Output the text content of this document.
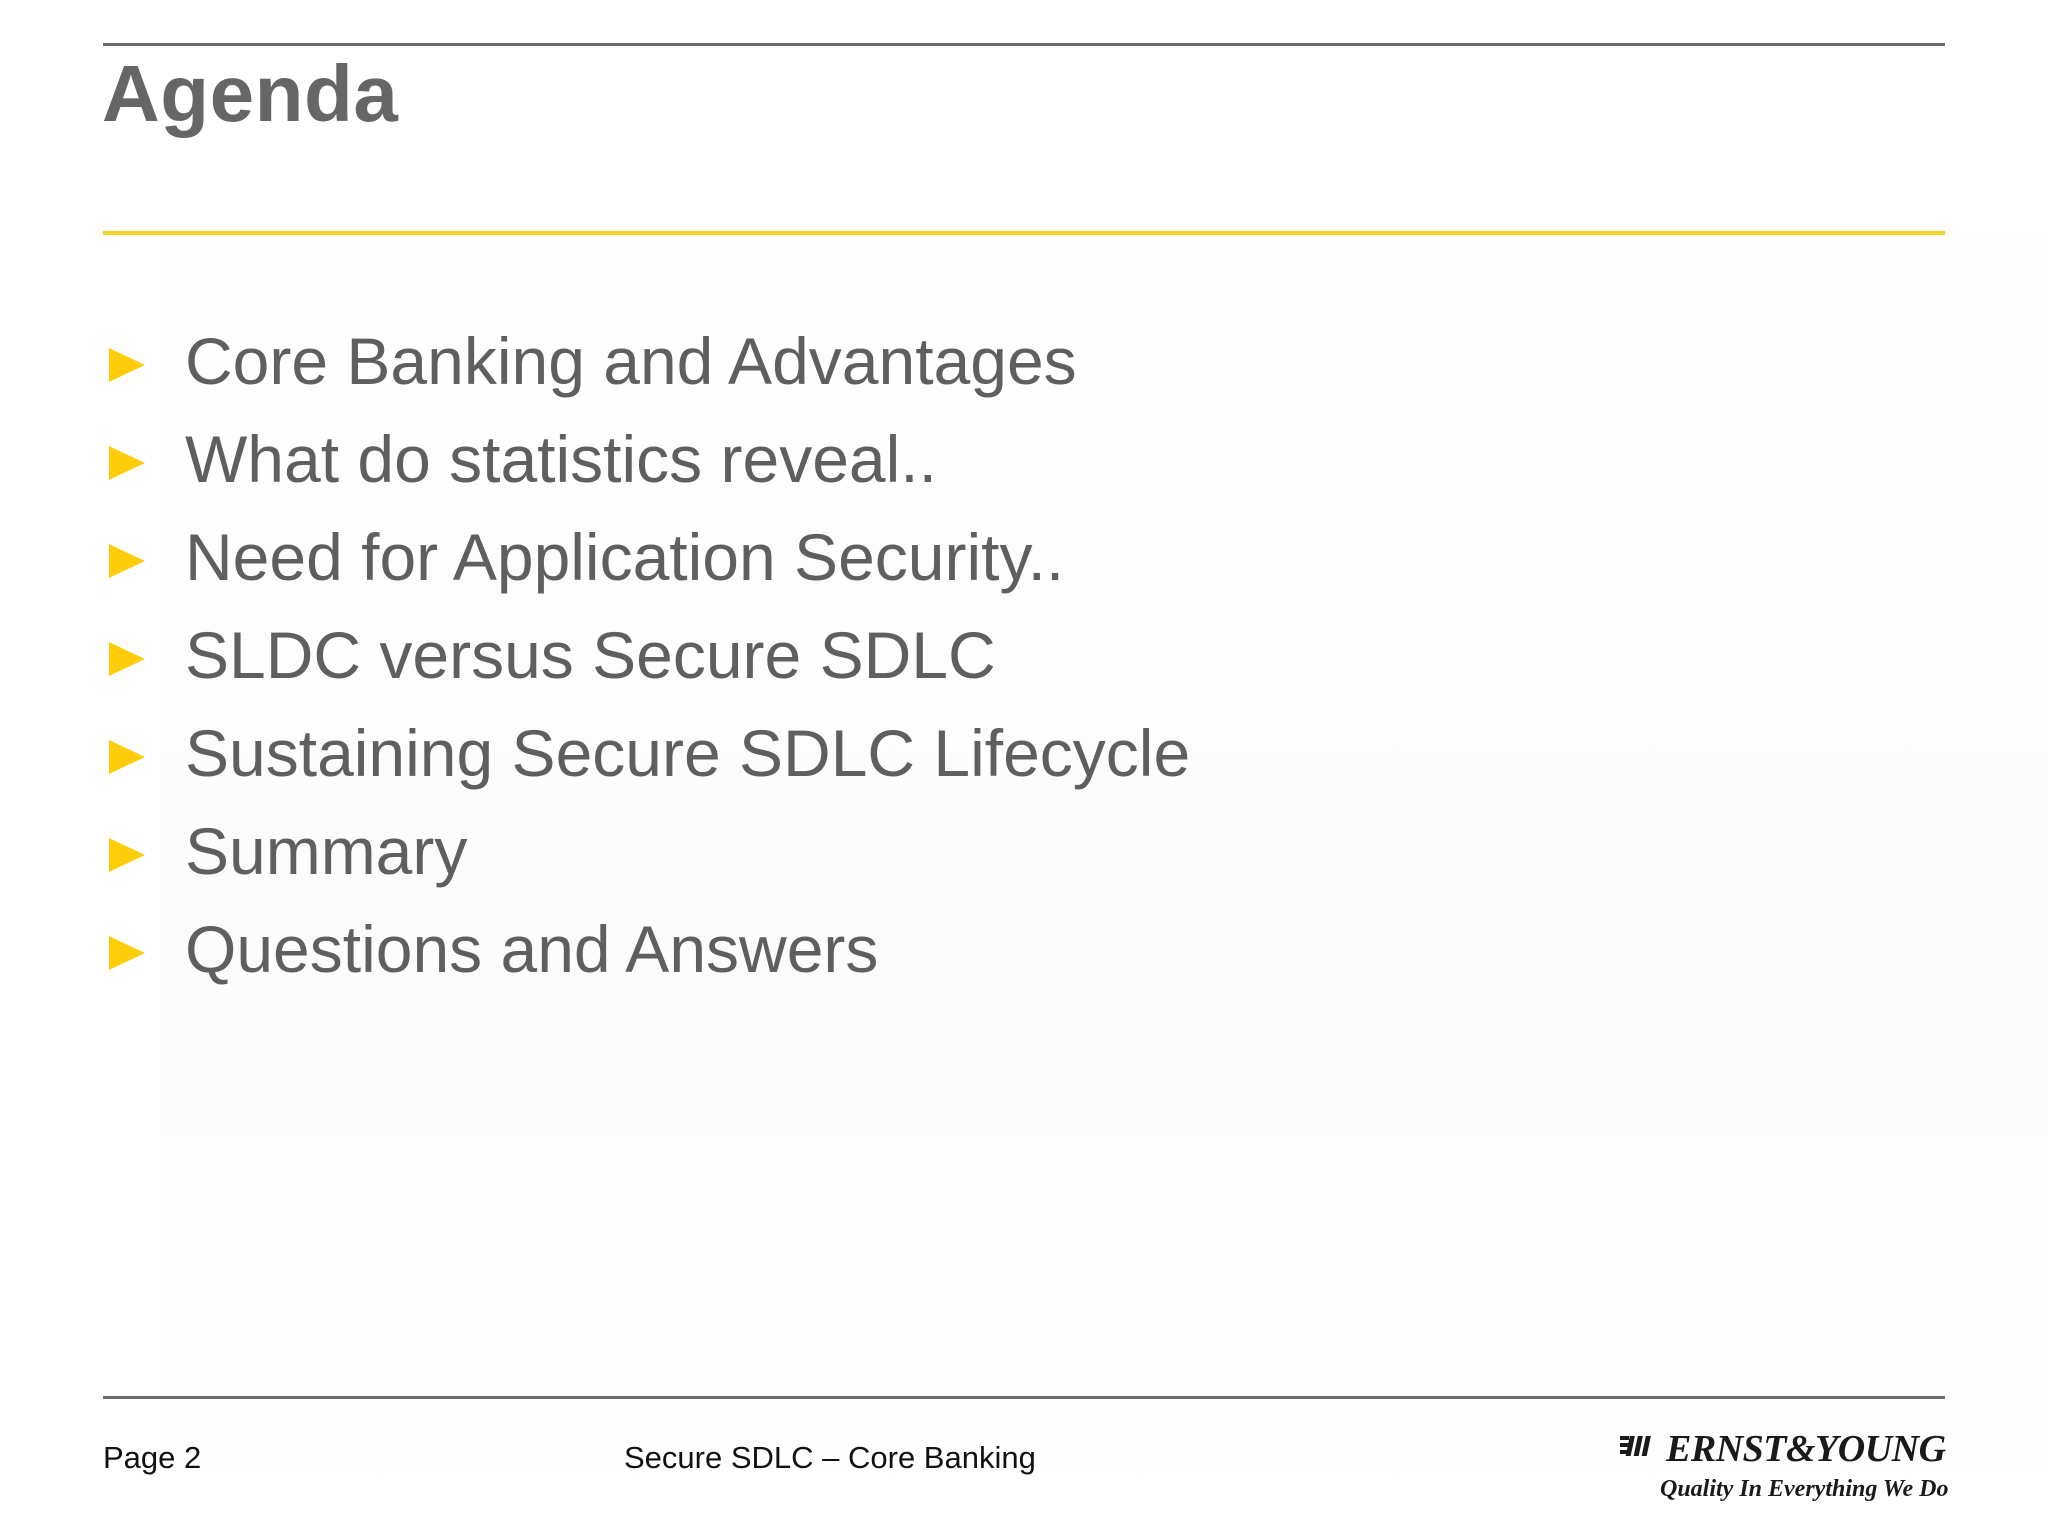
Agenda
Core Banking and Advantages
What do statistics reveal..
Need for Application Security..
SLDC versus Secure SDLC
Sustaining Secure SDLC Lifecycle
Summary
Questions and Answers
Page 2	Secure SDLC – Core Banking	ERNST&YOUNG
Quality In Everything We Do
